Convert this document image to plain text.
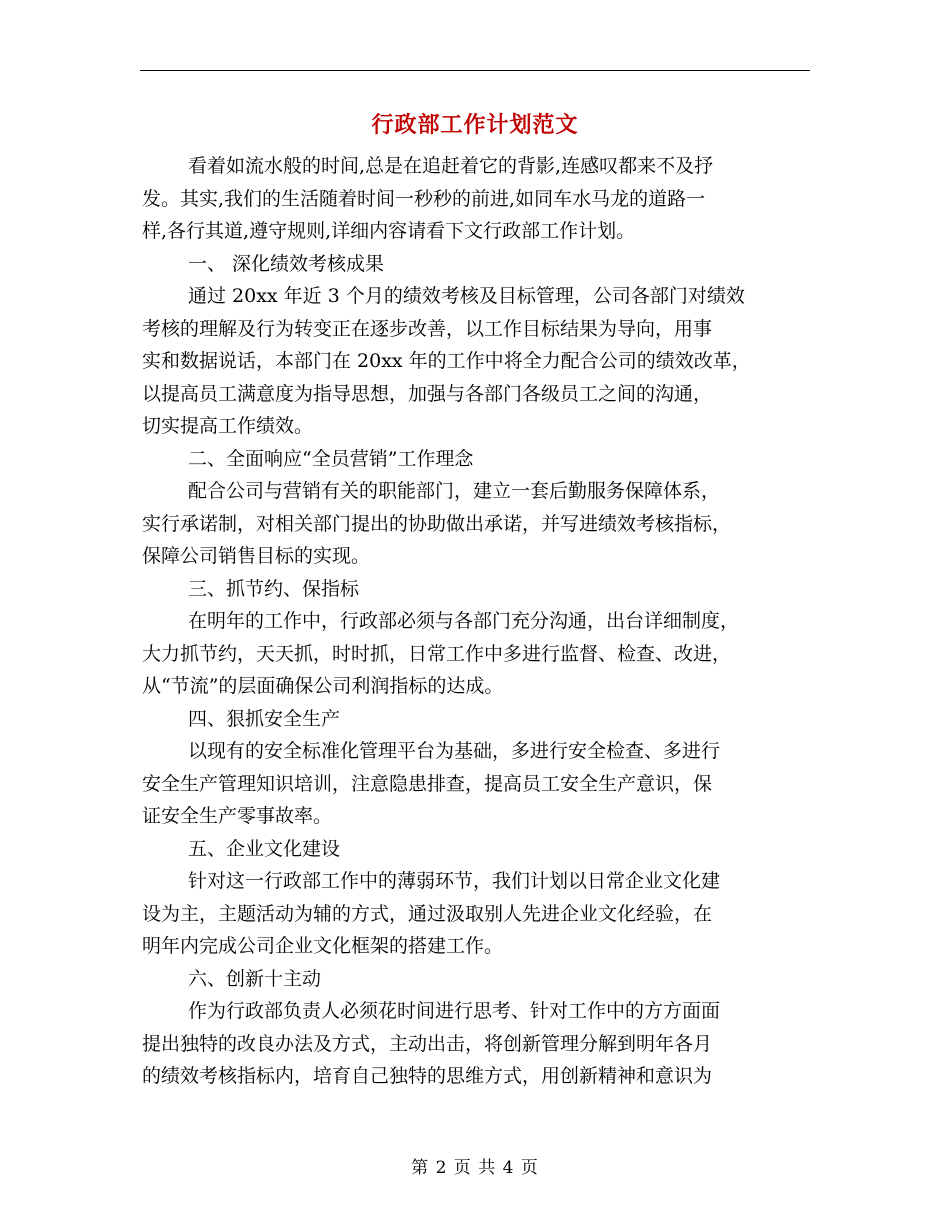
行政部工作计划范文

看着如流水般的时间,总是在追赶着它的背影,连感叹都来不及抒
发。其实,我们的生活随着时间一秒秒的前进,如同车水马龙的道路一
样,各行其道,遵守规则,详细内容请看下文行政部工作计划。

一、 深化绩效考核成果

通过 20xx 年近 3 个月的绩效考核及目标管理，公司各部门对绩效
考核的理解及行为转变正在逐步改善，以工作目标结果为导向，用事
实和数据说话，本部门在 20xx 年的工作中将全力配合公司的绩效改革，
以提高员工满意度为指导思想，加强与各部门各级员工之间的沟通，
切实提高工作绩效。

二、全面响应“全员营销”工作理念

配合公司与营销有关的职能部门，建立一套后勤服务保障体系，
实行承诺制，对相关部门提出的协助做出承诺，并写进绩效考核指标，
保障公司销售目标的实现。

三、抓节约、保指标

在明年的工作中，行政部必须与各部门充分沟通，出台详细制度，
大力抓节约，天天抓，时时抓，日常工作中多进行监督、检查、改进，
从“节流”的层面确保公司利润指标的达成。

四、狠抓安全生产

以现有的安全标准化管理平台为基础，多进行安全检查、多进行
安全生产管理知识培训，注意隐患排查，提高员工安全生产意识，保
证安全生产零事故率。

五、企业文化建设

针对这一行政部工作中的薄弱环节，我们计划以日常企业文化建
设为主，主题活动为辅的方式，通过汲取别人先进企业文化经验，在
明年内完成公司企业文化框架的搭建工作。

六、创新十主动

作为行政部负责人必须花时间进行思考、针对工作中的方方面面
提出独特的改良办法及方式，主动出击，将创新管理分解到明年各月
的绩效考核指标内，培育自己独特的思维方式，用创新精神和意识为

第 2 页 共 4 页
